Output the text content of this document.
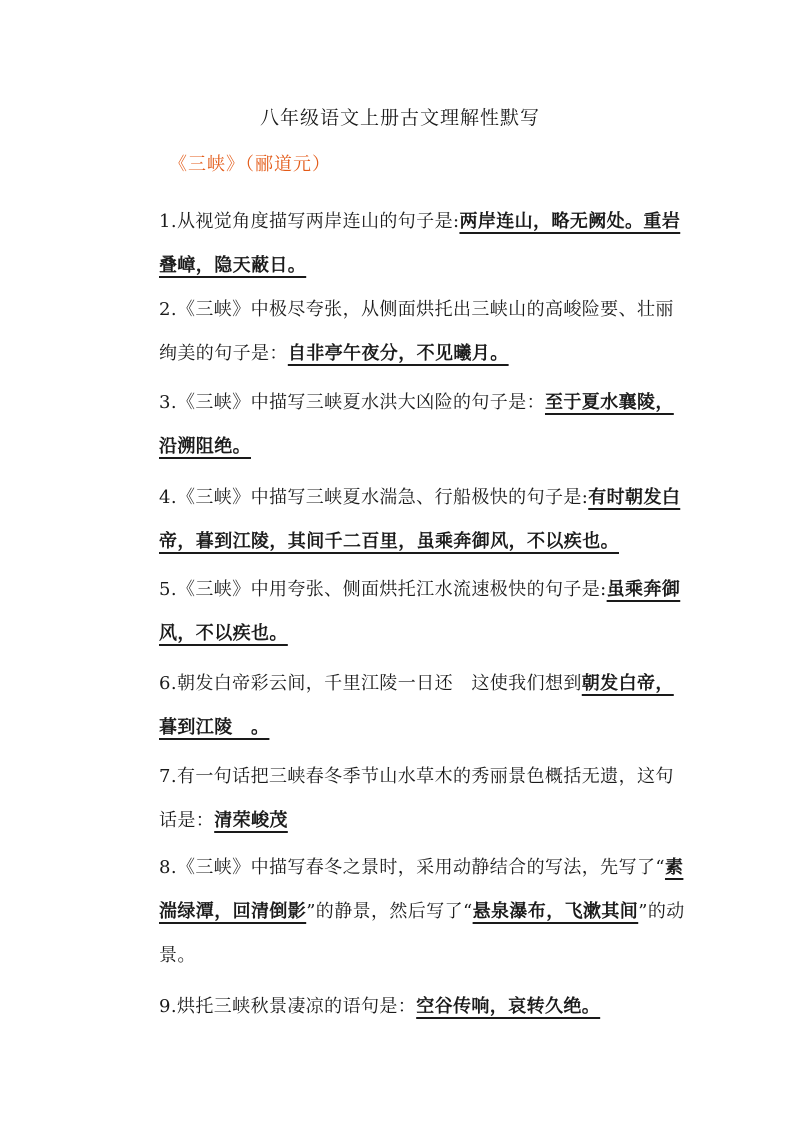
八年级语文上册古文理解性默写
《三峡》（郦道元）

1.从视觉角度描写两岸连山的句子是:两岸连山，略无阙处。重岩叠嶂，隐天蔽日。

2.《三峡》中极尽夸张，从侧面烘托出三峡山的高峻险要、壮丽绚美的句子是：自非亭午夜分，不见曦月。

3.《三峡》中描写三峡夏水洪大凶险的句子是：至于夏水襄陵，沿溯阻绝。

4.《三峡》中描写三峡夏水湍急、行船极快的句子是:有时朝发白帝，暮到江陵，其间千二百里，虽乘奔御风，不以疾也。

5.《三峡》中用夸张、侧面烘托江水流速极快的句子是:虽乘奔御风，不以疾也。

6.朝发白帝彩云间，千里江陵一日还　这使我们想到朝发白帝，暮到江陵　。

7.有一句话把三峡春冬季节山水草木的秀丽景色概括无遗，这句话是：清荣峻茂

8.《三峡》中描写春冬之景时，采用动静结合的写法，先写了“素湍绿潭，回清倒影”的静景，然后写了“悬泉瀑布，飞漱其间”的动景。

9.烘托三峡秋景凄凉的语句是：空谷传响，哀转久绝。
